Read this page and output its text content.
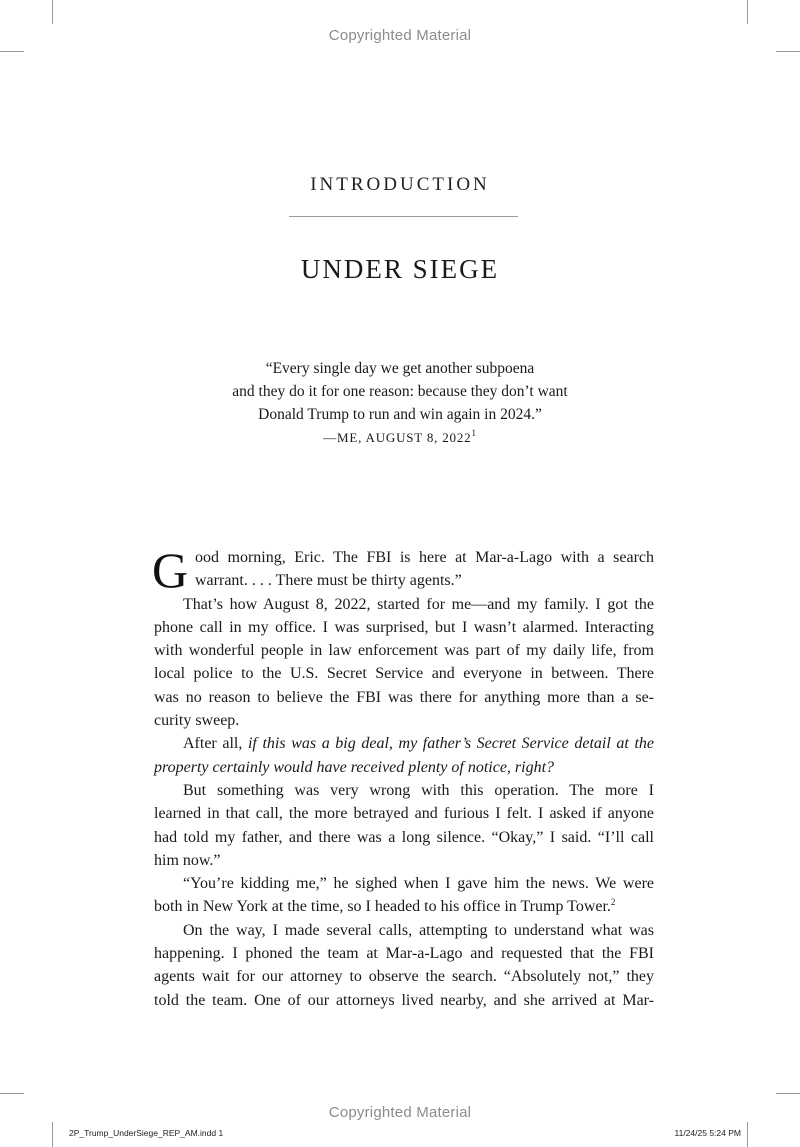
Copyrighted Material
INTRODUCTION
UNDER SIEGE
“Every single day we get another subpoena
and they do it for one reason: because they don’t want
Donald Trump to run and win again in 2024.”
—ME, AUGUST 8, 2022$^1$
G ood morning, Eric. The FBI is here at Mar-a-Lago with a search
warrant. . . . There must be thirty agents.”
That’s how August 8, 2022, started for me—and my family. I got the
phone call in my office. I was surprised, but I wasn’t alarmed. Interacting
with wonderful people in law enforcement was part of my daily life, from
local police to the U.S. Secret Service and everyone in between. There
was no reason to believe the FBI was there for anything more than a se-
curity sweep.
After all, if this was a big deal, my father’s Secret Service detail at the
property certainly would have received plenty of notice, right?
But something was very wrong with this operation. The more I
learned in that call, the more betrayed and furious I felt. I asked if anyone
had told my father, and there was a long silence. “Okay,” I said. “I’ll call
him now.”
“You’re kidding me,” he sighed when I gave him the news. We were
both in New York at the time, so I headed to his office in Trump Tower.$^2$
On the way, I made several calls, attempting to understand what was
happening. I phoned the team at Mar-a-Lago and requested that the FBI
agents wait for our attorney to observe the search. “Absolutely not,” they
told the team. One of our attorneys lived nearby, and she arrived at Mar-
Copyrighted Material
2P_Trump_UnderSiege_REP_AM.indd 1	11/24/25 5:24 PM
